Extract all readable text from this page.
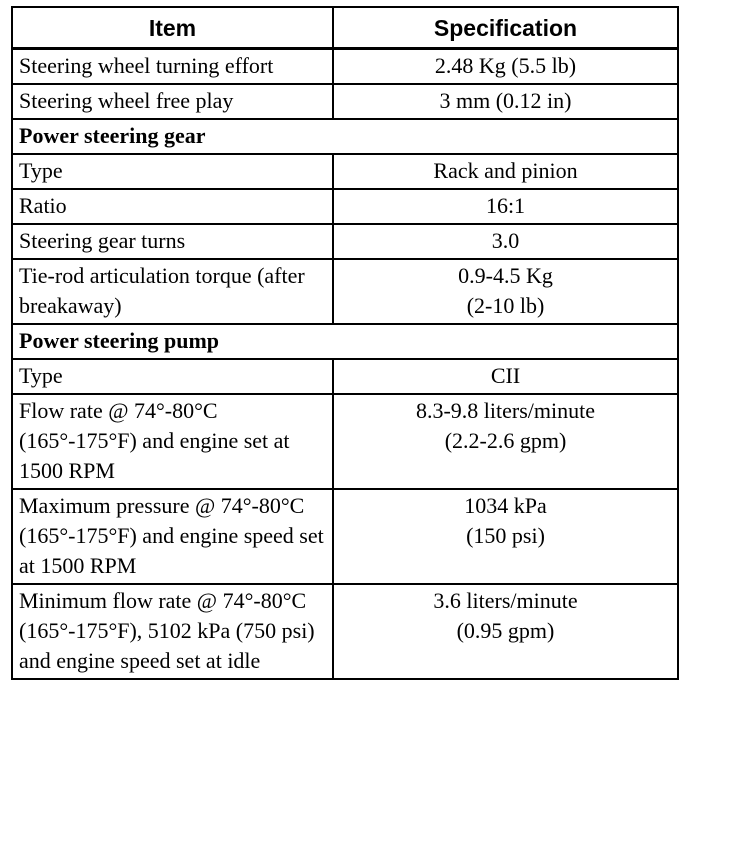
Item	Specification
Steering wheel turning effort	2.48 Kg (5.5 lb)

Steering wheel free play	3 mm (0.12 in)

Power steering gear	
Type	Rack and pinion

Ratio	16:1

Steering gear turns	3.0

Tie-rod articulation torque (after breakaway)	0.9-4.5 Kg
(2-10 lb)

Power steering pump	
Type	CII

Flow rate @ 74°-80°C (165°-175°F) and engine set at 1500 RPM	8.3-9.8 liters/minute
(2.2-2.6 gpm)

Maximum pressure @ 74°-80°C (165°-175°F) and engine speed set at 1500 RPM	1034 kPa
(150 psi)

Minimum flow rate @ 74°-80°C (165°-175°F), 5102 kPa (750 psi) and engine speed set at idle	3.6 liters/minute
(0.95 gpm)
